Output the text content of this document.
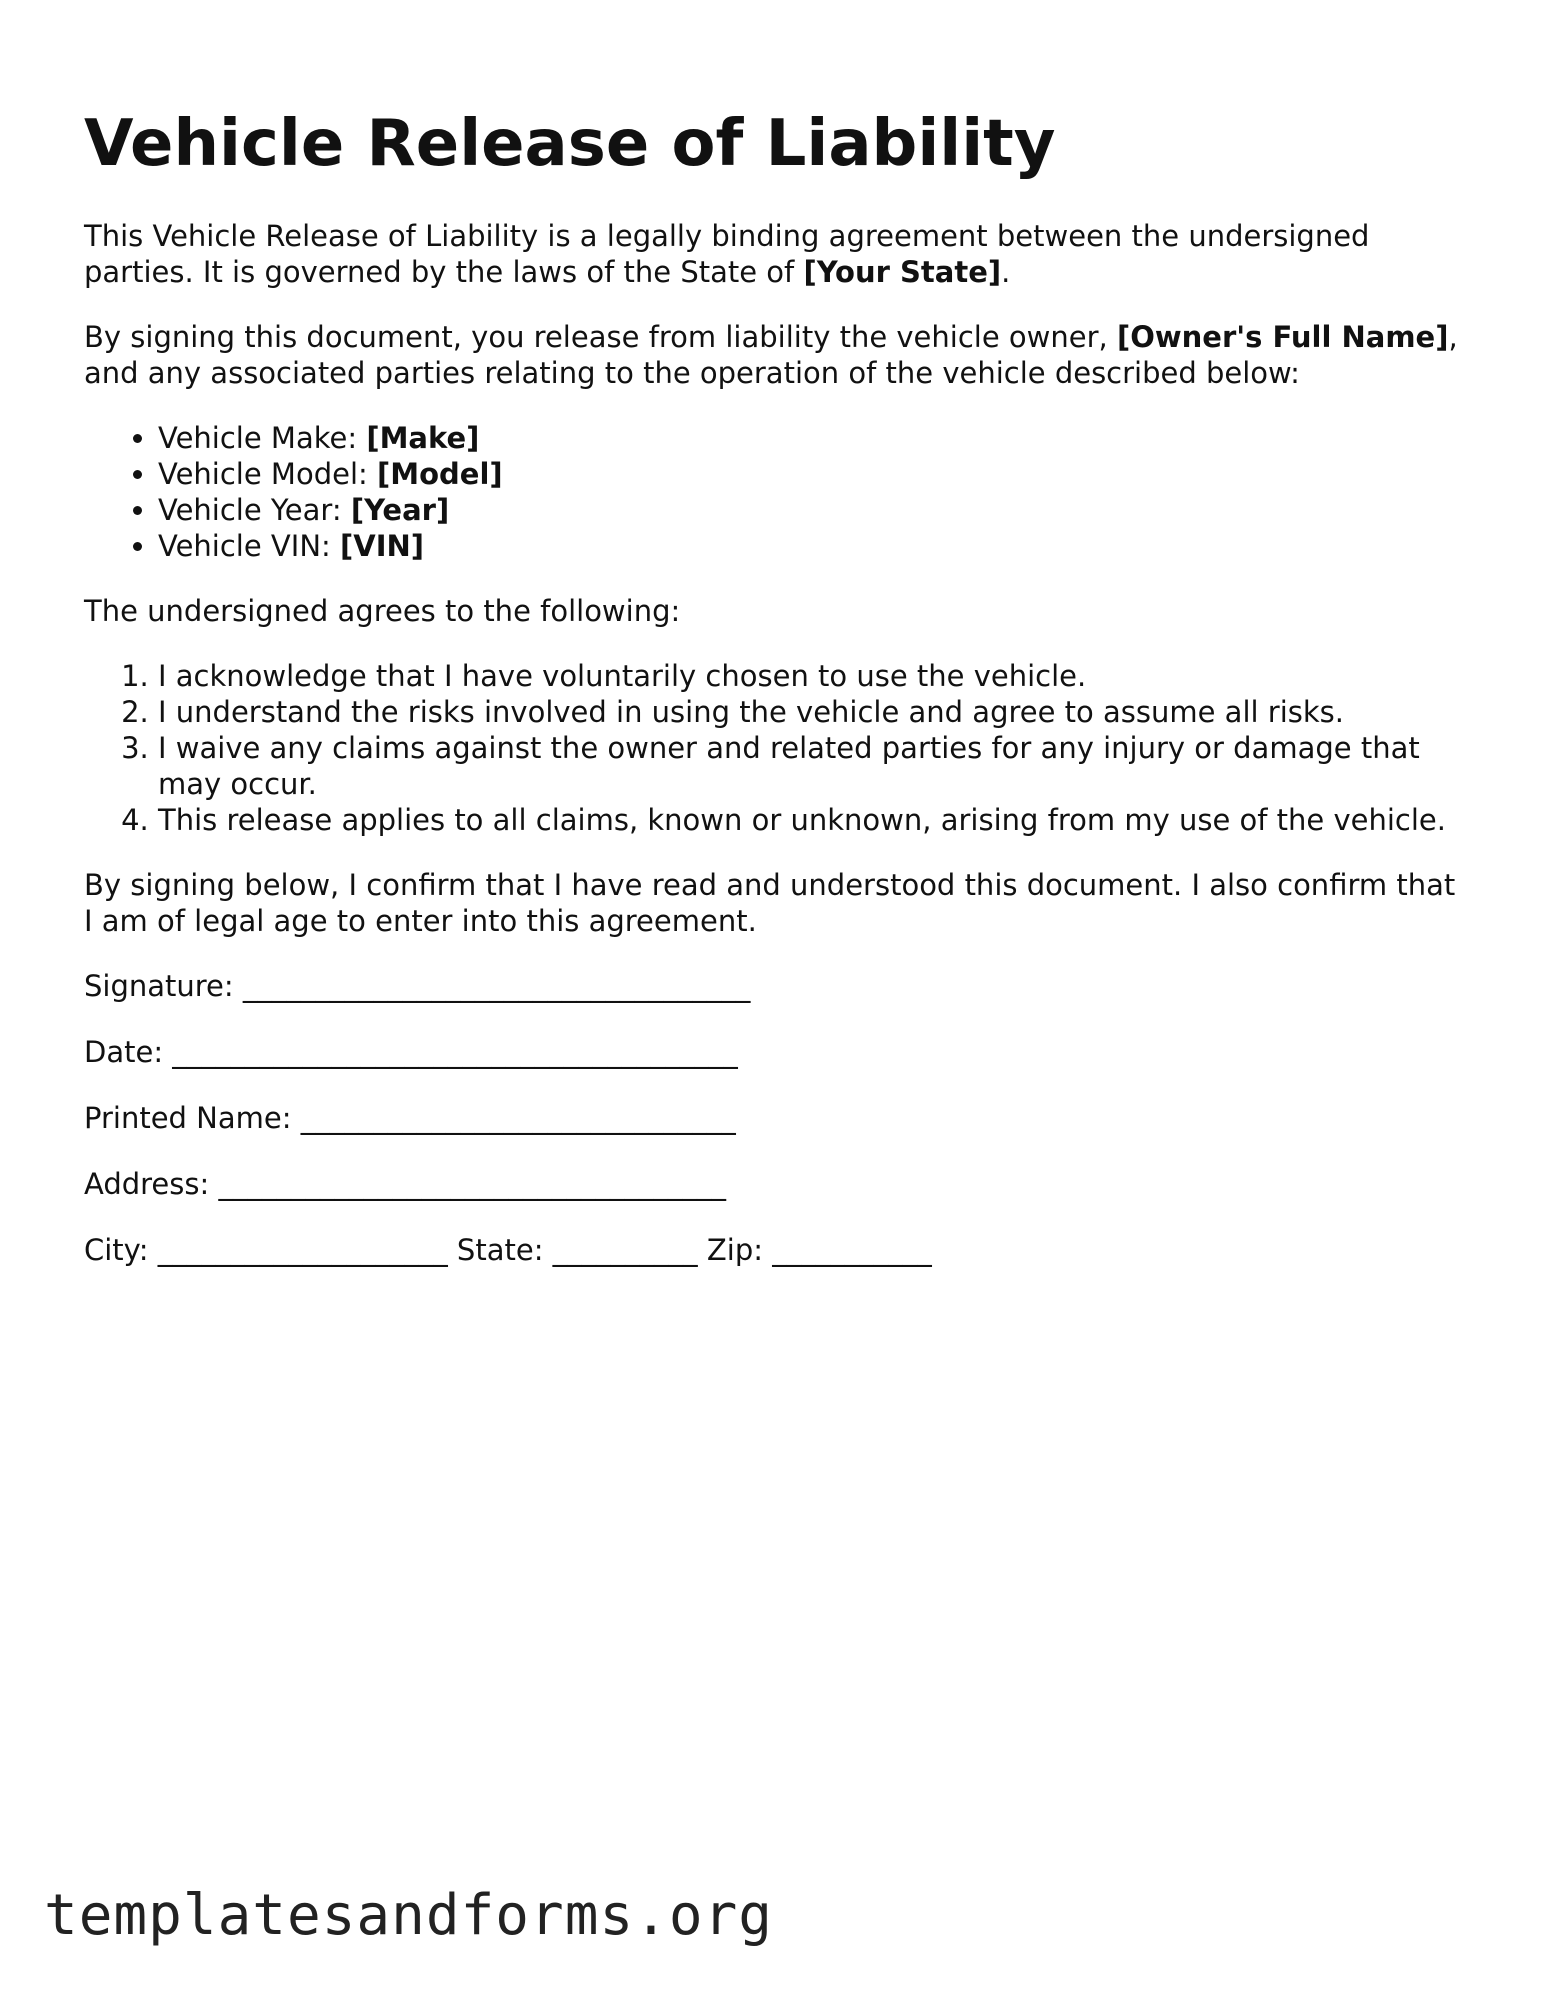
Vehicle Release of Liability

This Vehicle Release of Liability is a legally binding agreement between the undersigned parties. It is governed by the laws of the State of [Your State].

By signing this document, you release from liability the vehicle owner, [Owner's Full Name], and any associated parties relating to the operation of the vehicle described below:

• Vehicle Make: [Make]
• Vehicle Model: [Model]
• Vehicle Year: [Year]
• Vehicle VIN: [VIN]

The undersigned agrees to the following:

1. I acknowledge that I have voluntarily chosen to use the vehicle.
2. I understand the risks involved in using the vehicle and agree to assume all risks.
3. I waive any claims against the owner and related parties for any injury or damage that may occur.
4. This release applies to all claims, known or unknown, arising from my use of the vehicle.

By signing below, I confirm that I have read and understood this document. I also confirm that I am of legal age to enter into this agreement.

Signature: ___________________________________
Date: _______________________________________
Printed Name: ______________________________
Address: ___________________________________
City: ____________________ State: __________ Zip: ___________
templatesandforms.org
